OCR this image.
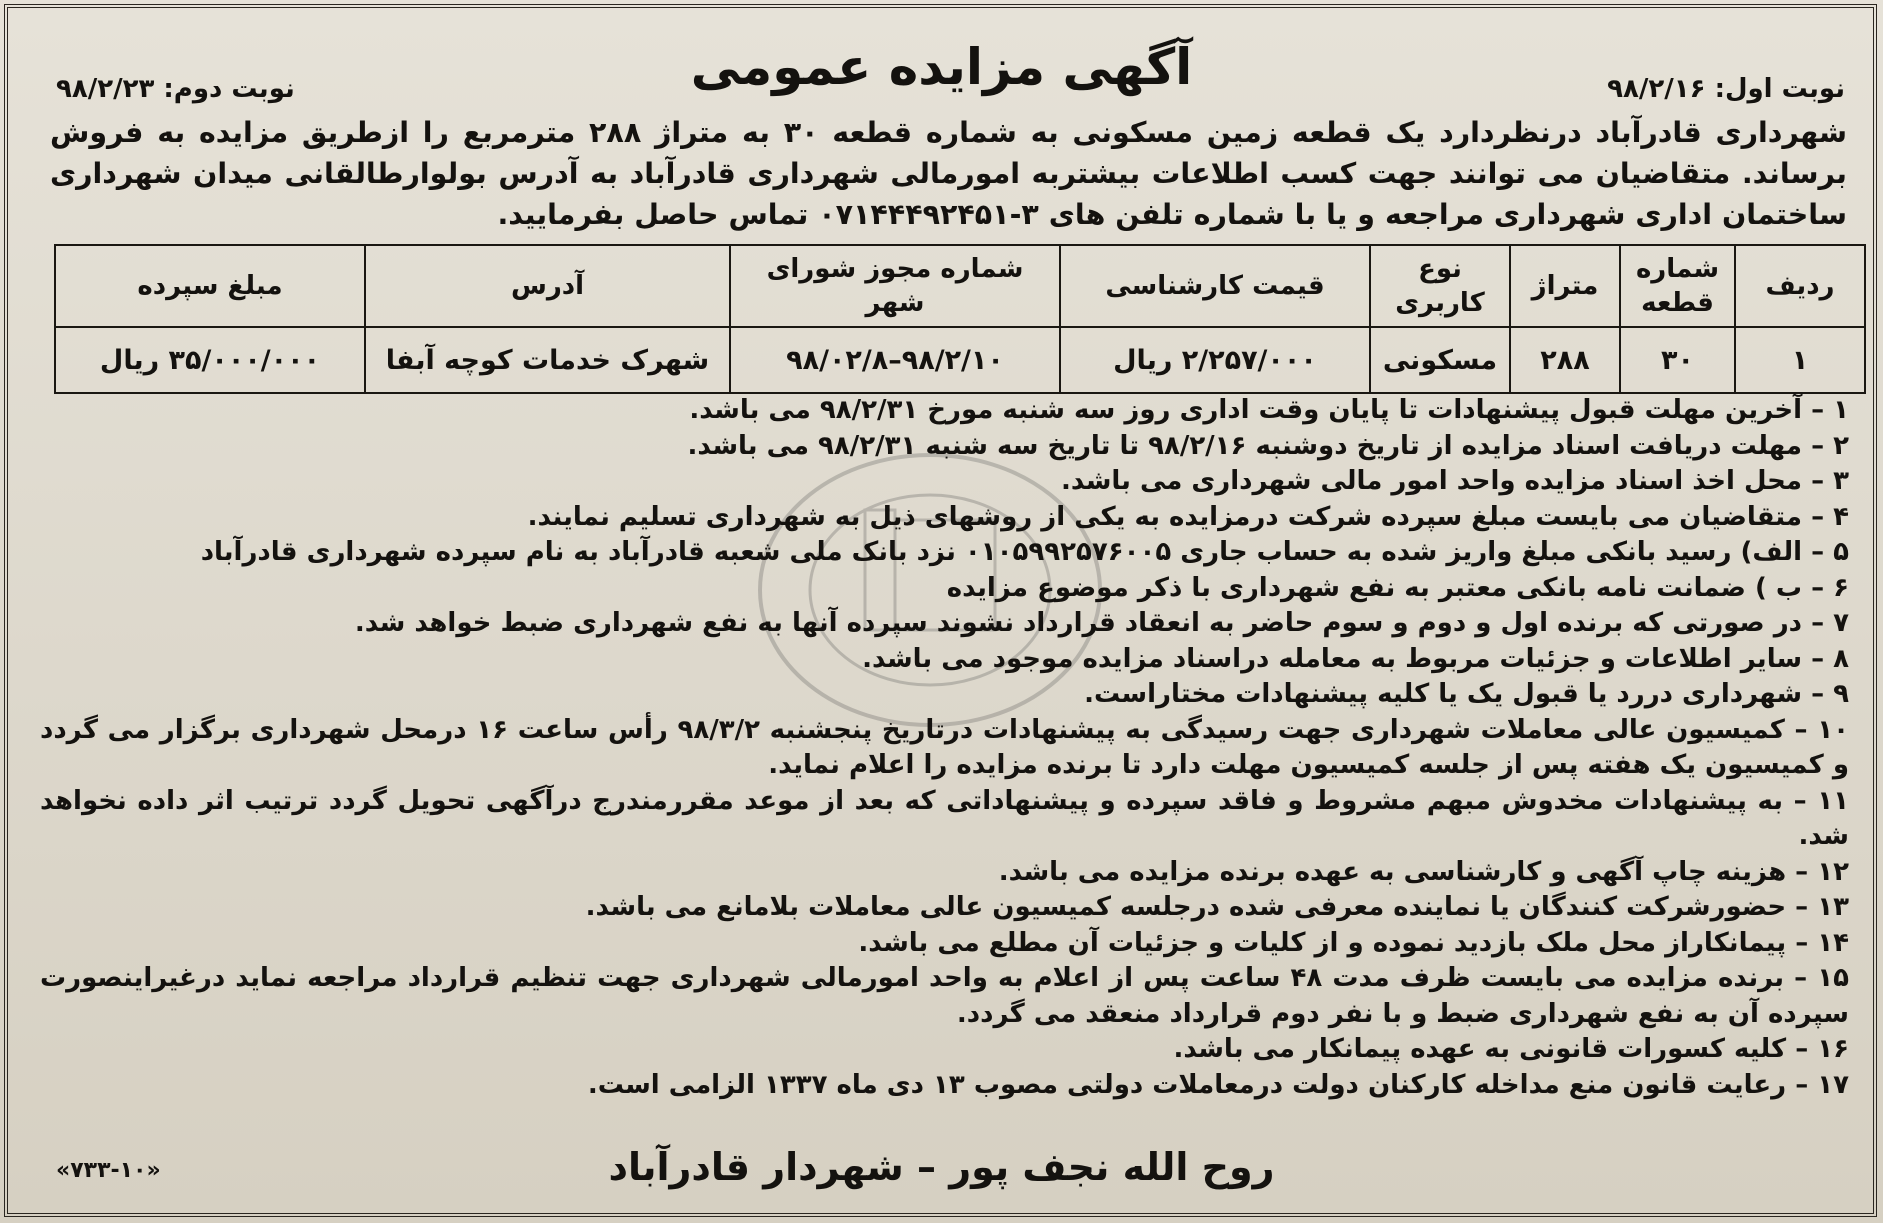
آگهی مزایده عمومی	نوبت اول: ۹۸/۲/۱۶
نوبت دوم: ۹۸/۲/۲۳
شهرداری قادرآباد درنظردارد یک قطعه زمین مسکونی به شماره قطعه ۳۰ به متراژ ۲۸۸ مترمربع را ازطریق مزایده به فروش برساند. متقاضیان می توانند جهت کسب اطلاعات بیشتربه امورمالی شهرداری قادرآباد به آدرس بولوارطالقانی میدان شهرداری ساختمان اداری شهرداری مراجعه و یا با شماره تلفن های ۳-۰۷۱۴۴۴۹۲۴۵۱ تماس حاصل بفرمایید.
ردیف	شماره قطعه	متراژ	نوع کاربری	قیمت کارشناسی	شماره مجوز شورای شهر	آدرس	مبلغ سپرده
۱	۳۰	۲۸۸	مسکونی	۲/۲۵۷/۰۰۰ ریال	۹۸/۲/۱۰–۹۸/۰۲/۸	شهرک خدمات کوچه آبفا	۳۵/۰۰۰/۰۰۰ ریال

۱ – آخرین مهلت قبول پیشنهادات تا پایان وقت اداری روز سه شنبه مورخ ۹۸/۲/۳۱ می باشد.

۲ – مهلت دریافت اسناد مزایده از تاریخ دوشنبه ۹۸/۲/۱۶ تا تاریخ سه شنبه ۹۸/۲/۳۱ می باشد.

۳ – محل اخذ اسناد مزایده واحد امور مالی شهرداری می باشد.

۴ – متقاضیان می بایست مبلغ سپرده شرکت درمزایده به یکی از روشهای ذیل به شهرداری تسلیم نمایند.

۵ – الف) رسید بانکی مبلغ واریز شده به حساب جاری ۰۱۰۵۹۹۲۵۷۶۰۰۵ نزد بانک ملی شعبه قادرآباد به نام سپرده شهرداری قادرآباد

۶ – ب ) ضمانت نامه بانکی معتبر به نفع شهرداری با ذکر موضوع مزایده

۷ – در صورتی که برنده اول و دوم و سوم حاضر به انعقاد قرارداد نشوند سپرده آنها به نفع شهرداری ضبط خواهد شد.

۸ – سایر اطلاعات و جزئیات مربوط به معامله دراسناد مزایده موجود می باشد.

۹ – شهرداری دررد یا قبول یک یا کلیه پیشنهادات مختاراست.

۱۰ – کمیسیون عالی معاملات شهرداری جهت رسیدگی به پیشنهادات درتاریخ پنجشنبه ۹۸/۳/۲ رأس ساعت ۱۶ درمحل شهرداری برگزار می گردد و کمیسیون یک هفته پس از جلسه کمیسیون مهلت دارد تا برنده مزایده را اعلام نماید.

۱۱ – به پیشنهادات مخدوش مبهم مشروط و فاقد سپرده و پیشنهاداتی که بعد از موعد مقررمندرج درآگهی تحویل گردد ترتیب اثر داده نخواهد شد.

۱۲ – هزینه چاپ آگهی و کارشناسی به عهده برنده مزایده می باشد.

۱۳ – حضورشرکت کنندگان یا نماینده معرفی شده درجلسه کمیسیون عالی معاملات بلامانع می باشد.

۱۴ – پیمانکاراز محل ملک بازدید نموده و از کلیات و جزئیات آن مطلع می باشد.

۱۵ – برنده مزایده می بایست ظرف مدت ۴۸ ساعت پس از اعلام به واحد امورمالی شهرداری جهت تنظیم قرارداد مراجعه نماید درغیراینصورت سپرده آن به نفع شهرداری ضبط و با نفر دوم قرارداد منعقد می گردد.

۱۶ – کلیه کسورات قانونی به عهده پیمانکار می باشد.

۱۷ – رعایت قانون منع مداخله کارکنان دولت درمعاملات دولتی مصوب ۱۳ دی ماه ۱۳۳۷ الزامی است.

«۷۳۳-۱۰»	روح الله نجف پور – شهردار قادرآباد
